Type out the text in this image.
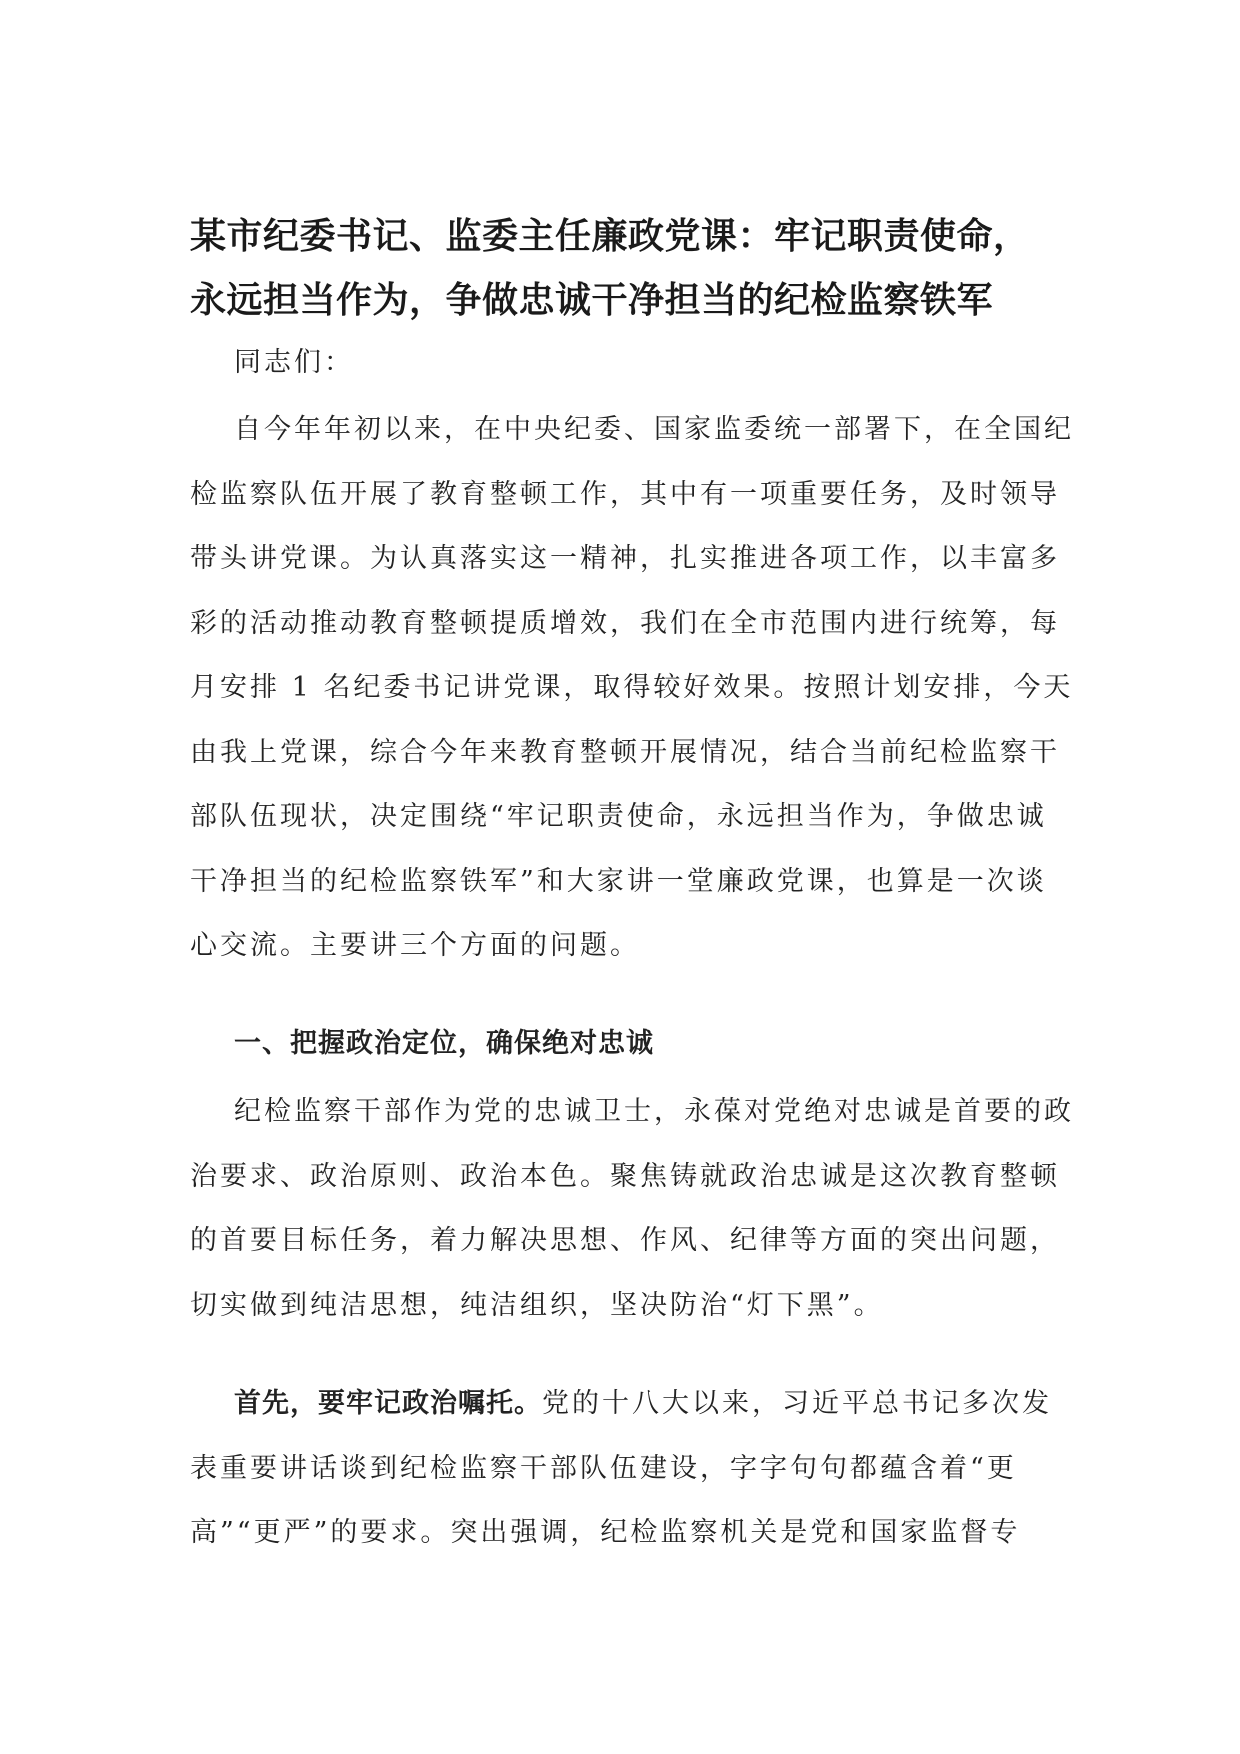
某市纪委书记、监委主任廉政党课：牢记职责使命，
永远担当作为，争做忠诚干净担当的纪检监察铁军

同志们：

自今年年初以来，在中央纪委、国家监委统一部署下，在全国纪
检监察队伍开展了教育整顿工作，其中有一项重要任务，及时领导
带头讲党课。为认真落实这一精神，扎实推进各项工作，以丰富多
彩的活动推动教育整顿提质增效，我们在全市范围内进行统筹，每
月安排 1 名纪委书记讲党课，取得较好效果。按照计划安排，今天
由我上党课，综合今年来教育整顿开展情况，结合当前纪检监察干
部队伍现状，决定围绕“牢记职责使命，永远担当作为，争做忠诚
干净担当的纪检监察铁军”和大家讲一堂廉政党课，也算是一次谈
心交流。主要讲三个方面的问题。
一、把握政治定位，确保绝对忠诚
纪检监察干部作为党的忠诚卫士，永葆对党绝对忠诚是首要的政
治要求、政治原则、政治本色。聚焦铸就政治忠诚是这次教育整顿
的首要目标任务，着力解决思想、作风、纪律等方面的突出问题，
切实做到纯洁思想，纯洁组织，坚决防治“灯下黑”。
首先，要牢记政治嘱托。党的十八大以来，习近平总书记多次发
表重要讲话谈到纪检监察干部队伍建设，字字句句都蕴含着“更
高”“更严”的要求。突出强调，纪检监察机关是党和国家监督专
